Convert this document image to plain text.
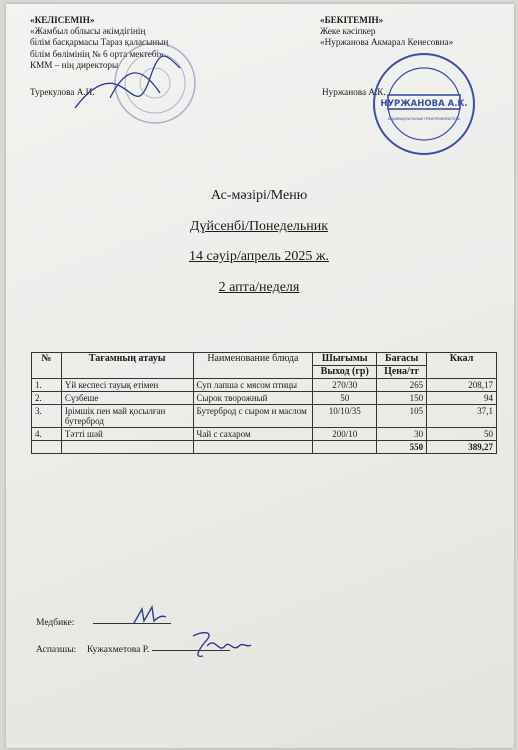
«КЕЛІСЕМІН»
«Жамбыл облысы әкімдігінің
білім басқармасы Тараз қаласының
білім бөлімінің № 6 орта мектебі»
КММ – нің директоры
Турекулова А.И.
«БЕКІТЕМІН»
Жеке кәсіпкер
«Нуржанова Акмарал Кенесовна»
Нуржанова А.К.
НУРЖАНОВА А.К.
ИНДИВИДУАЛЬНЫЙ ПРЕДПРИНИМАТЕЛЬ
Ас-мәзірі/Меню
Дүйсенбі/Понедельник
14 сәуір/апрель 2025 ж.
2 апта/неделя
№	Тағамның атауы	Наименование блюда	Шығымы	Бағасы	Ккал
			Выход (гр)	Цена/тг	
1.	Үй кеспесі тауық етімен	Суп лапша с мясом птицы	270/30	265	208,17
2.	Сүзбеше	Сырок творожный	50	150	94
3.	Ірімшік пен май қосылған бутерброд	Бутерброд с сыром и маслом	10/10/35	105	37,1
4.	Тәтті шәй	Чай с сахаром	200/10	30	50
				550	389,27
Медбике:
Аспазшы: Кужахметова Р.
